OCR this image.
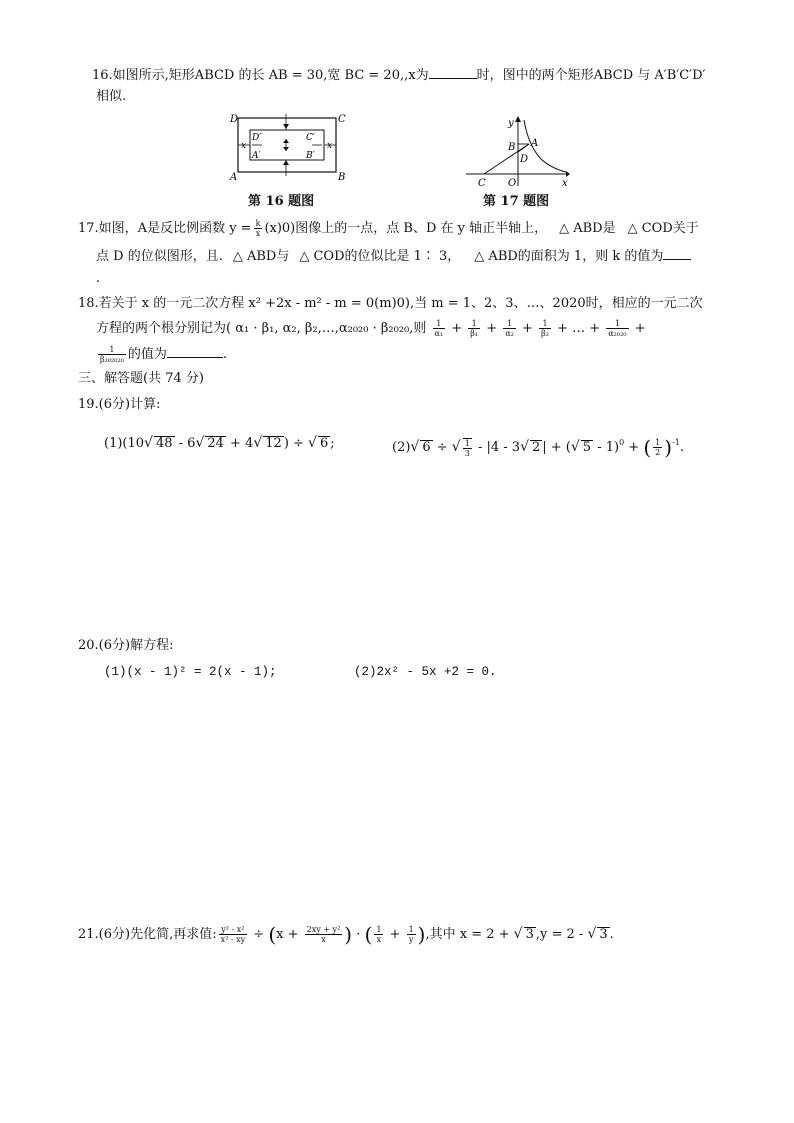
16.如图所示,矩形ABCD 的长 AB = 30,宽 BC = 20,,x为	时，图中的两个矩形ABCD 与 A′B′C′D′
相似.
D	C
A	B
D′	C′
A′	B′
x	x
第 16 题图
y
x
A
B
D
C O
第 17 题图
17.如图，A是反比例函数 $y = \frac{k}{x} (x)0$)图像上的一点，点 B、D 在 y 轴正半轴上， △ ABD是 △ COD关于
点 D 的位似图形，且. △ ABD与 △ COD的位似比是 1∶ 3， △ ABD的面积为 1，则 k 的值为
.
18.若关于 x 的一元二次方程 x² +2x - m² - m = 0(m)0),当 m = 1、2、3、…、2020时，相应的一元二次
方程的两个根分别记为( α₁ · β₁, α₂, β₂,…,α₂₀₂₀ · β₂₀₂₀,则 $\frac{1}{\text{α₁}} + \frac{1}{\text{β₁}} + \frac{1}{\text{α₂}} + \frac{1}{\text{β₂}}$ + … + $\frac{1}{\text{α₂₀₂₀}}$ +
$\frac{1}{\text{β₂₀₂₀₂₀}}$ 的值为	.
三、解答题(共 74 分)
19.(6分)计算:
(1)(10√ 48 - 6√ 24 + 4√ 12 ) ÷ √ 6 ;	(2)√ 6 ÷ √ $\frac{1}{3} - |4 - 3√$ 2 | + (√ 5 - 1)$^0$ + ( $\frac{1}{2} )^{-1}$.
20.(6分)解方程:
(1)(x - 1)² = 2(x - 1);	(2)2x² - 5x +2 = 0.
21.(6分)先化简,再求值: $\frac{\text{y² - x²}}{\text{x² - xy}} \div (x + \frac{\text{2xy + y²}}{x}$ ) · ( $\frac{1}{x} + \frac{1}{y}$ ),其中 x = 2 + √ 3 ,y = 2 - √ 3 .
